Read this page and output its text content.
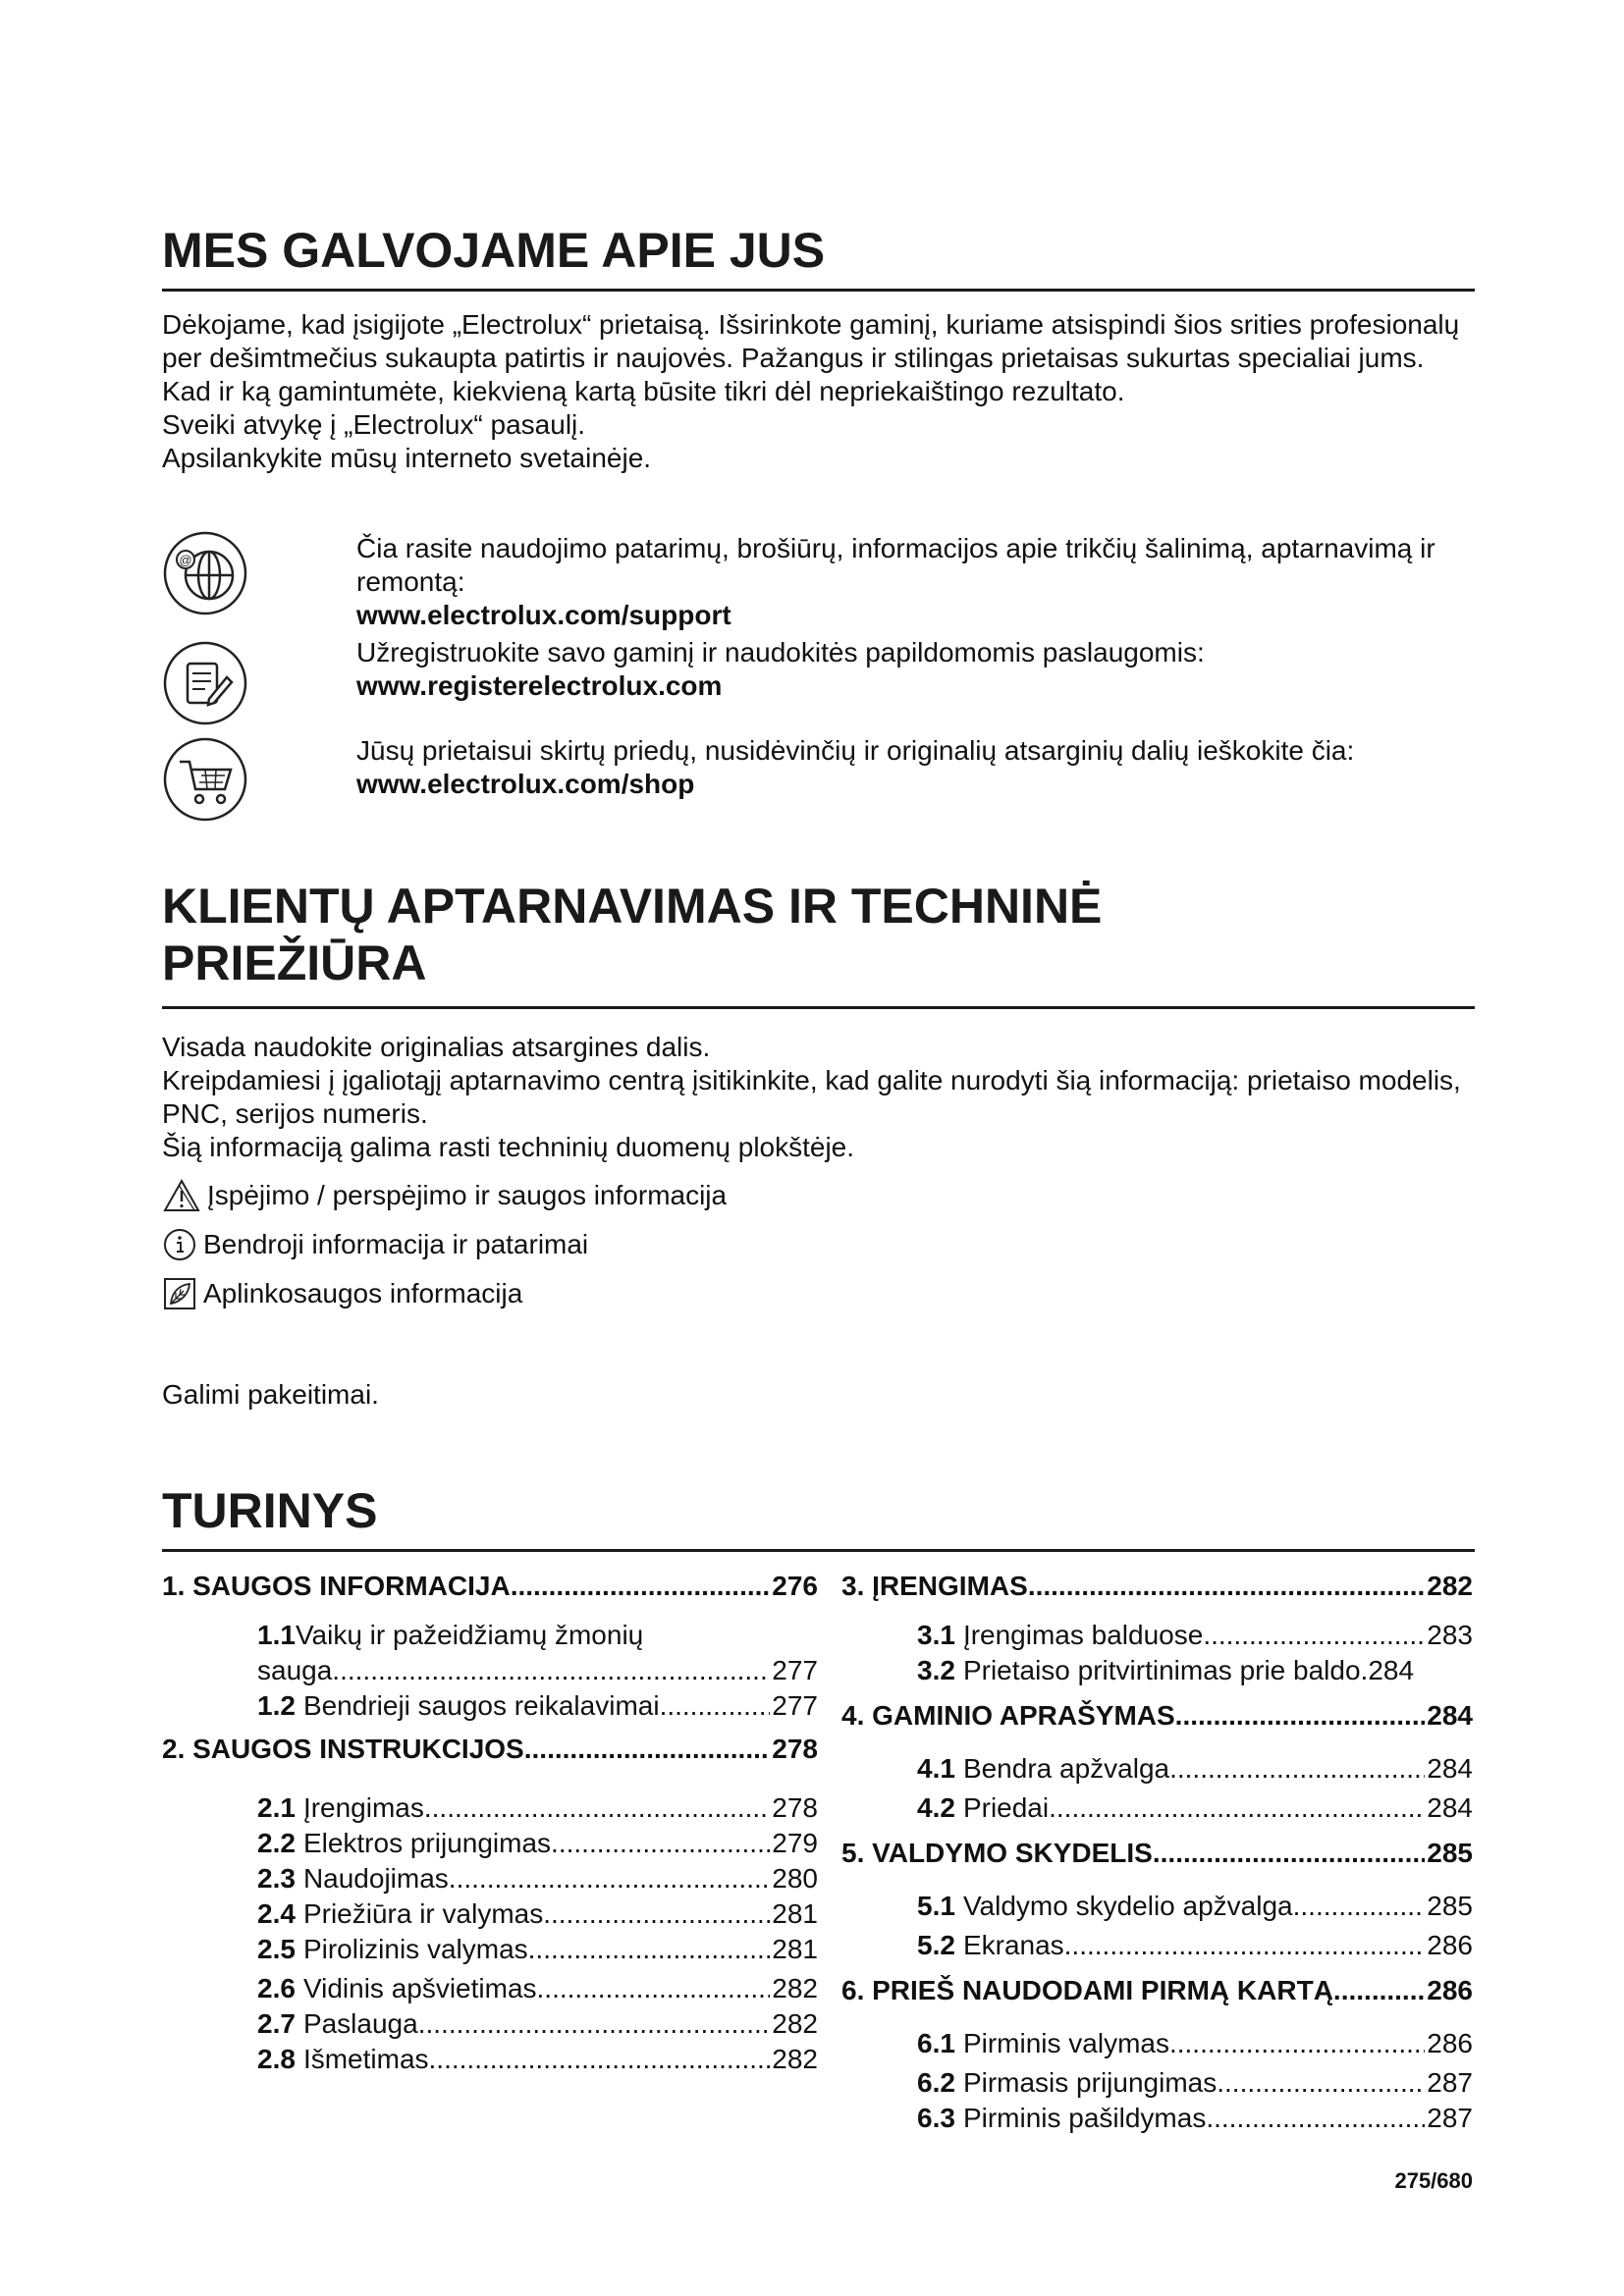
MES GALVOJAME APIE JUS

Dėkojame, kad įsigijote „Electrolux“ prietaisą. Išsirinkote gaminį, kuriame atsispindi šios srities profesionalų per dešimtmečius sukaupta patirtis ir naujovės. Pažangus ir stilingas prietaisas sukurtas specialiai jums. Kad ir ką gamintumėte, kiekvieną kartą būsite tikri dėl nepriekaištingo rezultato.

Sveiki atvykę į „Electrolux“ pasaulį.

Apsilankykite mūsų interneto svetainėje.

@	Čia rasite naudojimo patarimų, brošiūrų, informacijos apie trikčių šalinimą, aptarnavimą ir remontą:
www.electrolux.com/support
Užregistruokite savo gaminį ir naudokitės papildomomis paslaugomis:
www.registerelectrolux.com
Jūsų prietaisui skirtų priedų, nusidėvinčių ir originalių atsarginių dalių ieškokite čia:
www.electrolux.com/shop
KLIENTŲ APTARNAVIMAS IR TECHNINĖ
PRIEŽIŪRA

Visada naudokite originalias atsargines dalis.

Kreipdamiesi į įgaliotąjį aptarnavimo centrą įsitikinkite, kad galite nurodyti šią informaciją: prietaiso modelis, PNC, serijos numeris.

Šią informaciją galima rasti techninių duomenų plokštėje.

Įspėjimo / perspėjimo ir saugos informacija
Bendroji informacija ir patarimai
Aplinkosaugos informacija
Galimi pakeitimai.
TURINYS
1. SAUGOS INFORMACIJA .....	276
1.1Vaikų ir pažeidžiamų žmonių
sauga .....	277
1.2 Bendrieji saugos reikalavimai .....	277
2. SAUGOS INSTRUKCIJOS .....	278
2.1 Įrengimas .....	278
2.2 Elektros prijungimas .....	279
2.3 Naudojimas .....	280
2.4 Priežiūra ir valymas .....	281
2.5 Pirolizinis valymas .....	281
2.6 Vidinis apšvietimas .....	282
2.7 Paslauga .....	282
2.8 Išmetimas .....	282
3. ĮRENGIMAS .....	282
3.1 Įrengimas balduose .....	283
3.2 Prietaiso pritvirtinimas prie baldo. 284
4. GAMINIO APRAŠYMAS .....	284
4.1 Bendra apžvalga .....	284
4.2 Priedai .....	284
5. VALDYMO SKYDELIS .....	285
5.1 Valdymo skydelio apžvalga .....	285
5.2 Ekranas .....	286
6. PRIEŠ NAUDODAMI PIRMĄ KARTĄ .....	286
6.1 Pirminis valymas .....	286
6.2 Pirmasis prijungimas .....	287
6.3 Pirminis pašildymas .....	287
275/680
